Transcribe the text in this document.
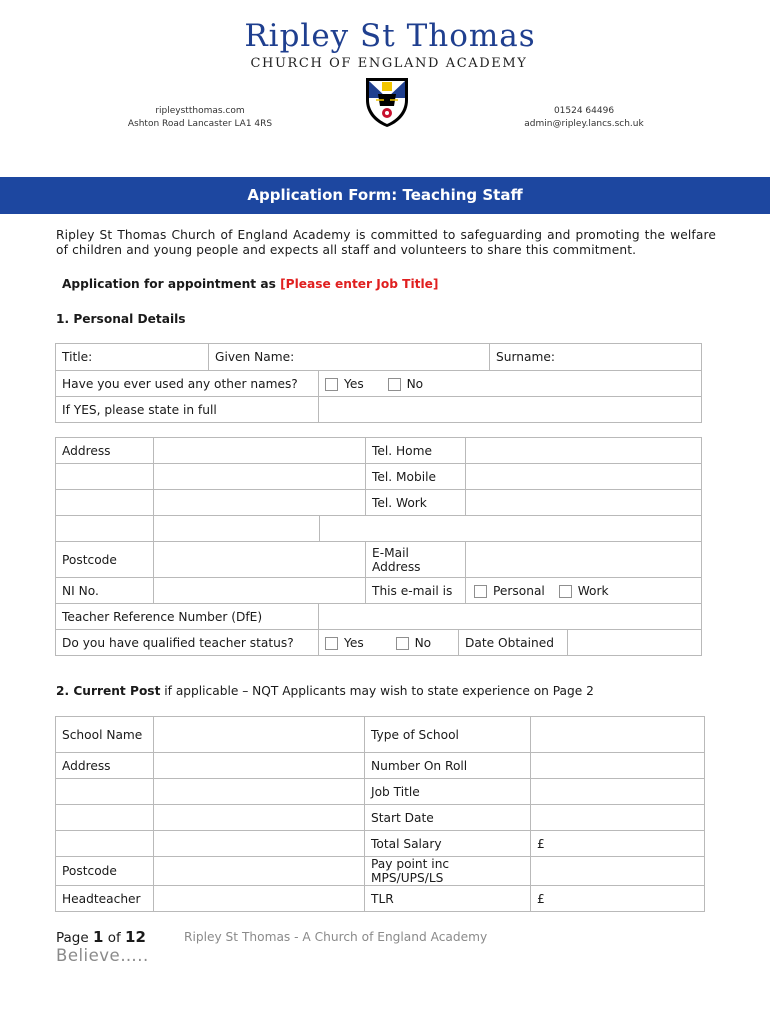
Ripley St Thomas
CHURCH OF ENGLAND ACADEMY
ripleystthomas.com
Ashton Road Lancaster LA1 4RS
01524 64496
admin@ripley.lancs.sch.uk
Application Form: Teaching Staff
Ripley St Thomas Church of England Academy is committed to safeguarding and promoting the welfare of children and young people and expects all staff and volunteers to share this commitment.
Application for appointment as [Please enter Job Title]
1. Personal Details
Title:	Given Name:		Surname:
Have you ever used any other names?		Yes No	
If YES, please state in full			
Address			Tel. Home	
			Tel. Mobile	
			Tel. Work	

Postcode			E-Mail Address	
NI No.			This e-mail is	Personal Work
Teacher Reference Number (DfE)			
Do you have qualified teacher status?	Yes No	Date Obtained	
2. Current Post if applicable – NQT Applicants may wish to state experience on Page 2
School Name		Type of School	
Address		Number On Roll	
		Job Title	
		Start Date	
		Total Salary	£
Postcode		Pay point inc MPS/UPS/LS	
Headteacher		TLR	£
Page 1 of 12	Ripley St Thomas - A Church of England Academy
Believe…..
